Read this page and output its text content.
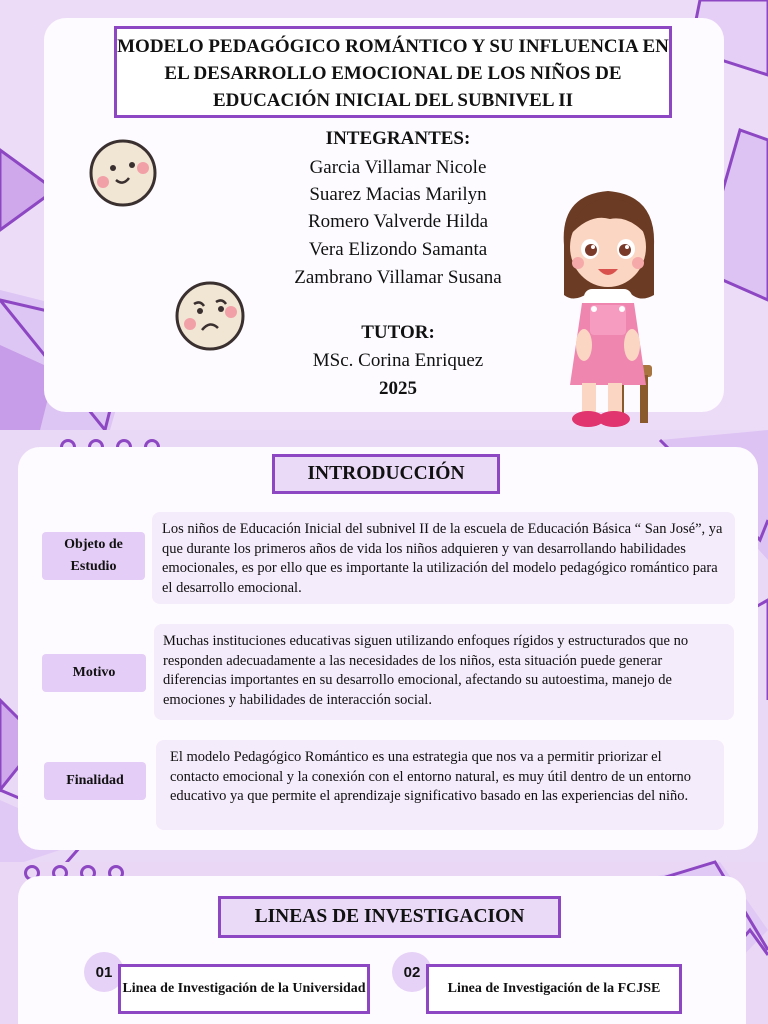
MODELO PEDAGÓGICO ROMÁNTICO Y SU INFLUENCIA EN EL DESARROLLO EMOCIONAL DE LOS NIÑOS DE EDUCACIÓN INICIAL DEL SUBNIVEL II
INTEGRANTES:
Garcia Villamar Nicole
Suarez Macias Marilyn
Romero Valverde Hilda
Vera Elizondo Samanta
Zambrano Villamar Susana
TUTOR:
MSc. Corina Enriquez
2025
INTRODUCCIÓN
Objeto de Estudio
Los niños de Educación Inicial del subnivel II de la escuela de Educación Básica “ San José”, ya que durante los primeros años de vida los niños adquieren y van desarrollando habilidades emocionales, es por ello que es importante la utilización del modelo pedagógico romántico para el desarrollo emocional.
Motivo
Muchas instituciones educativas siguen utilizando enfoques rígidos y estructurados que no responden adecuadamente a las necesidades de los niños, esta situación puede generar diferencias importantes en su desarrollo emocional, afectando su autoestima, manejo de emociones y habilidades de interacción social.
Finalidad
El modelo Pedagógico Romántico es una estrategia que nos va a permitir priorizar el contacto emocional y la conexión con el entorno natural, es muy útil dentro de un entorno educativo ya que permite el aprendizaje significativo basado en las experiencias del niño.
LINEAS DE INVESTIGACION
01
Linea de Investigación de la Universidad
02
Linea de Investigación de la FCJSE
